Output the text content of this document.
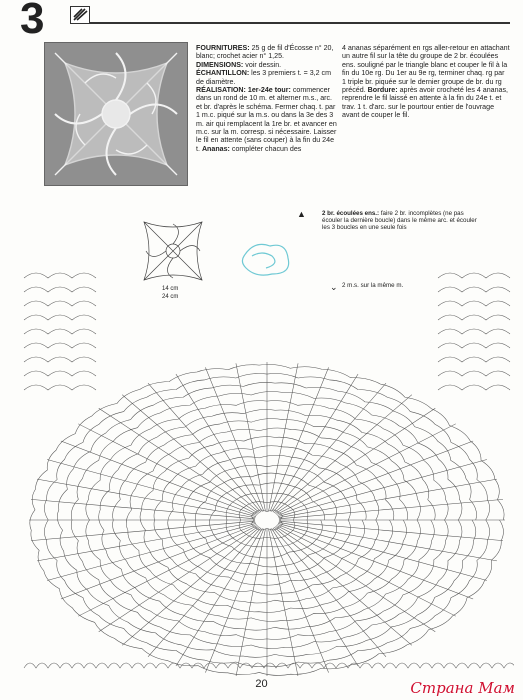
3
FOURNITURES: 25 g de fil d'Écosse n° 20, blanc; crochet acier n° 1,25.
DIMENSIONS: voir dessin.
ÉCHANTILLON: les 3 premiers t. = 3,2 cm de diamètre.
RÉALISATION: 1er-24e tour: commencer dans un rond de 10 m. et alterner m.s., arc. et br. d'après le schéma. Fermer chaq. t. par 1 m.c. piqué sur la m.s. ou dans la 3e des 3 m. air qui remplacent la 1re br. et avancer en m.c. sur la m. corresp. si nécessaire. Laisser le fil en attente (sans couper) à la fin du 24e t. Ananas: compléter chacun des
4 ananas séparément en rgs aller-retour en attachant un autre fil sur la tête du groupe de 2 br. écoulées ens. souligné par le triangle blanc et couper le fil à la fin du 10e rg. Du 1er au 9e rg, terminer chaq. rg par 1 triple br. piquée sur le dernier groupe de br. du rg précéd. Bordure: après avoir crocheté les 4 ananas, reprendre le fil laissé en attente à la fin du 24e t. et trav. 1 t. d'arc. sur le pourtour entier de l'ouvrage avant de couper le fil.
14 cm
24 cm
▲	2 br. écoulées ens.: faire 2 br. incomplètes (ne pas écouler la dernière boucle) dans le même arc. et écouler les 3 boucles en une seule fois
⌄ 2 m.s. sur la même m.
20	Страна Мам
